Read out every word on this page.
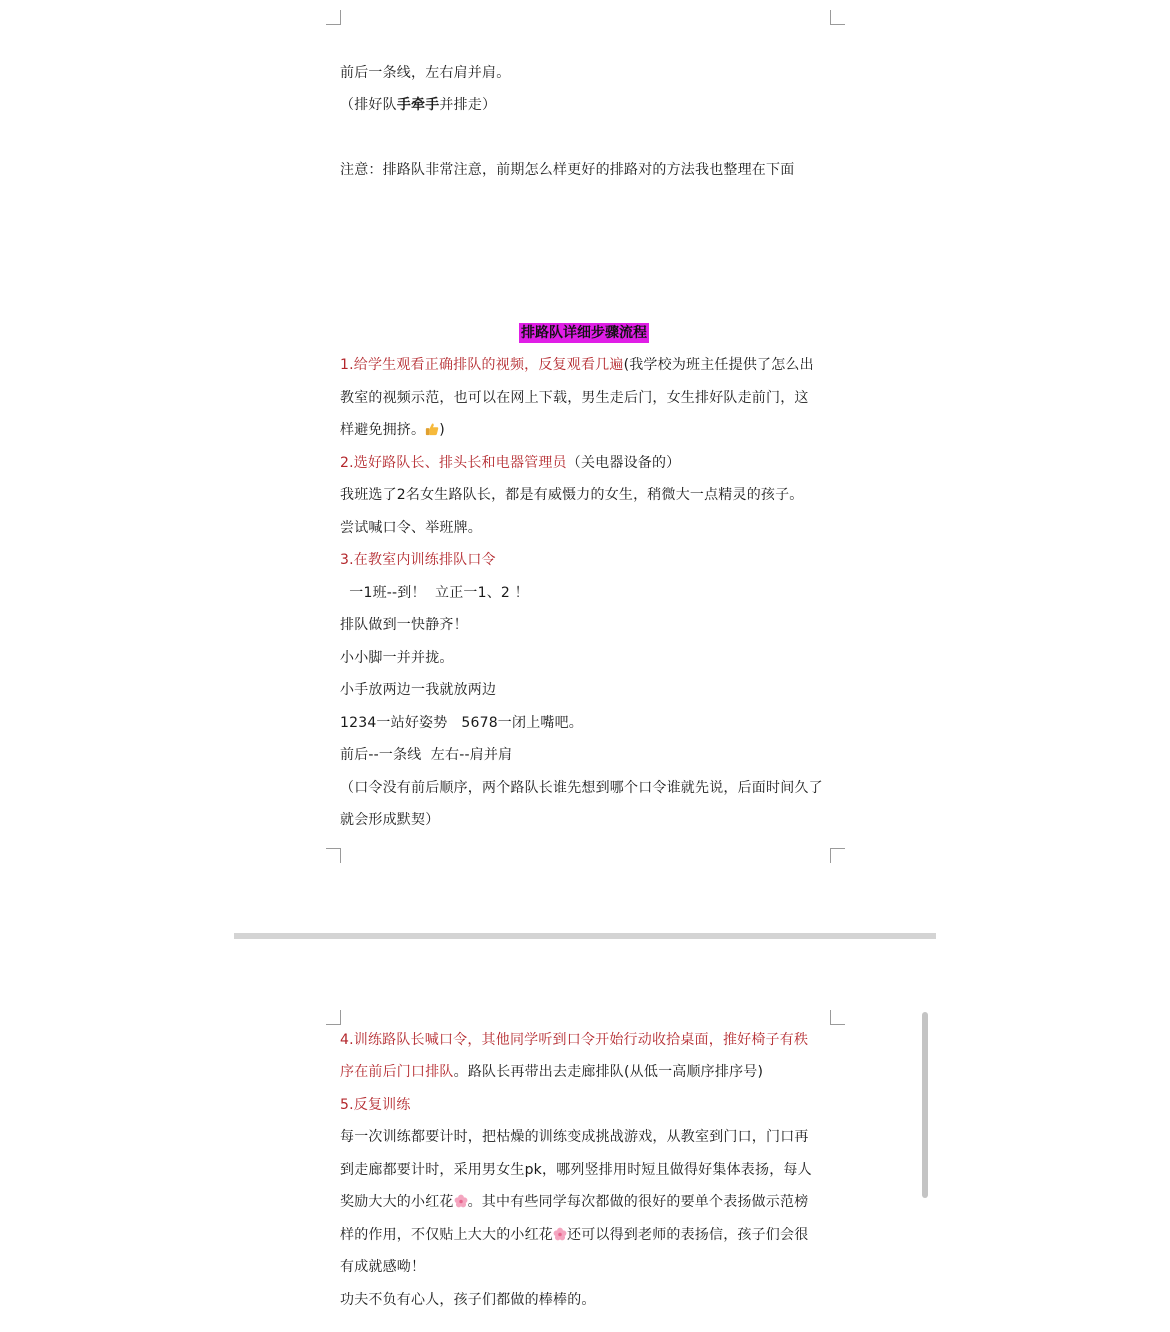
前后一条线，左右肩并肩。
（排好队手牵手并排走）
注意：排路队非常注意，前期怎么样更好的排路对的方法我也整理在下面
排路队详细步骤流程
1.给学生观看正确排队的视频，反复观看几遍(我学校为班主任提供了怎么出
教室的视频示范，也可以在网上下载，男生走后门，女生排好队走前门，这
样避免拥挤。 )
2.选好路队长、排头长和电器管理员（关电器设备的）
我班选了2名女生路队长，都是有威慑力的女生，稍微大一点精灵的孩子。
尝试喊口令、举班牌。
3.在教室内训练排队口令
一1班--到！  立正一1、2 ！
排队做到一快静齐！
小小脚一并并拢。
小手放两边一我就放两边
1234一站好姿势   5678一闭上嘴吧。
前后--一条线  左右--肩并肩
（口令没有前后顺序，两个路队长谁先想到哪个口令谁就先说，后面时间久了
就会形成默契）
4.训练路队长喊口令，其他同学听到口令开始行动收拾桌面，推好椅子有秩
序在前后门口排队。路队长再带出去走廊排队(从低一高顺序排序号)
5.反复训练
每一次训练都要计时，把枯燥的训练变成挑战游戏，从教室到门口，门口再
到走廊都要计时，采用男女生pk，哪列竖排用时短且做得好集体表扬，每人
奖励大大的小红花 。其中有些同学每次都做的很好的要单个表扬做示范榜
样的作用，不仅贴上大大的小红花 还可以得到老师的表扬信，孩子们会很
有成就感呦！
功夫不负有心人，孩子们都做的棒棒的。
